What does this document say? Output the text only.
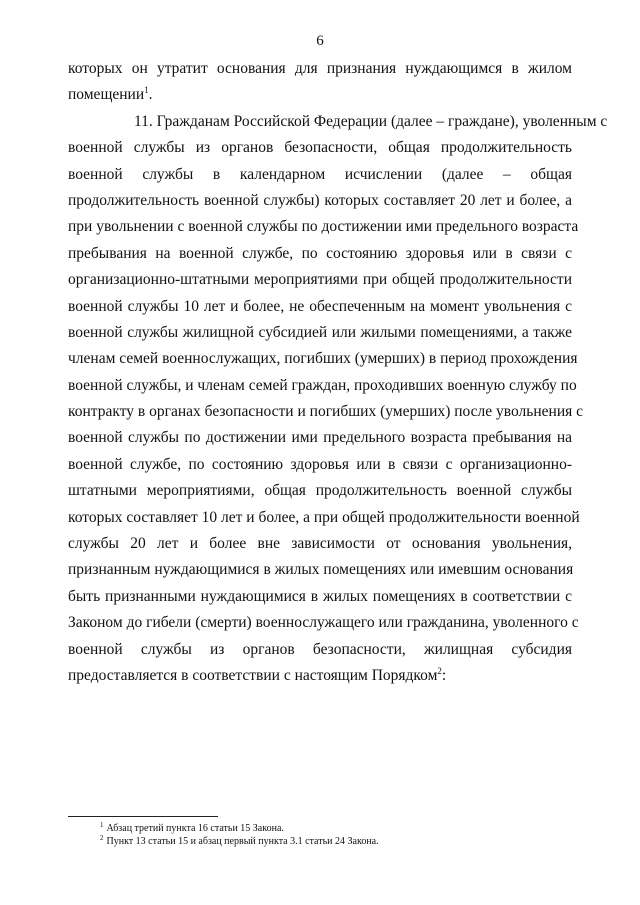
6
которых он утратит основания для признания нуждающимся в жилом
помещении$^1$.
11. Гражданам Российской Федерации (далее – граждане), уволенным с
военной службы из органов безопасности, общая продолжительность
военной службы в календарном исчислении (далее – общая
продолжительность военной службы) которых составляет 20 лет и более, а
при увольнении с военной службы по достижении ими предельного возраста
пребывания на военной службе, по состоянию здоровья или в связи с
организационно-штатными мероприятиями при общей продолжительности
военной службы 10 лет и более, не обеспеченным на момент увольнения с
военной службы жилищной субсидией или жилыми помещениями, а также
членам семей военнослужащих, погибших (умерших) в период прохождения
военной службы, и членам семей граждан, проходивших военную службу по
контракту в органах безопасности и погибших (умерших) после увольнения с
военной службы по достижении ими предельного возраста пребывания на
военной службе, по состоянию здоровья или в связи с организационно-
штатными мероприятиями, общая продолжительность военной службы
которых составляет 10 лет и более, а при общей продолжительности военной
службы 20 лет и более вне зависимости от основания увольнения,
признанным нуждающимися в жилых помещениях или имевшим основания
быть признанными нуждающимися в жилых помещениях в соответствии с
Законом до гибели (смерти) военнослужащего или гражданина, уволенного с
военной службы из органов безопасности, жилищная субсидия
предоставляется в соответствии с настоящим Порядком$^2$:
$^1$ Абзац третий пункта 16 статьи 15 Закона.
$^2$ Пункт 13 статьи 15 и абзац первый пункта 3.1 статьи 24 Закона.
